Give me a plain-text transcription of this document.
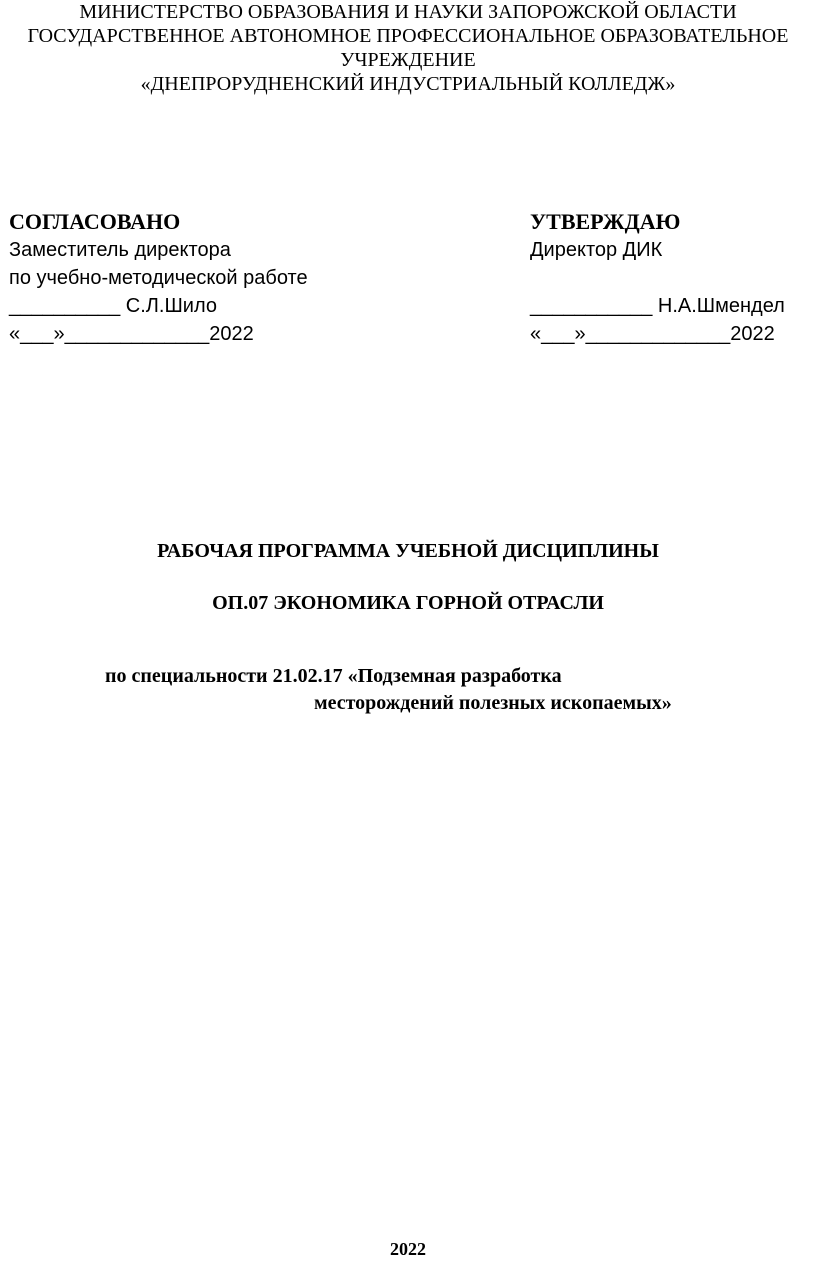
МИНИСТЕРСТВО ОБРАЗОВАНИЯ И НАУКИ ЗАПОРОЖСКОЙ ОБЛАСТИ
ГОСУДАРСТВЕННОЕ АВТОНОМНОЕ ПРОФЕССИОНАЛЬНОЕ ОБРАЗОВАТЕЛЬНОЕ
УЧРЕЖДЕНИЕ
«ДНЕПРОРУДНЕНСКИЙ ИНДУСТРИАЛЬНЫЙ КОЛЛЕДЖ»
СОГЛАСОВАНО
Заместитель директора
по учебно-методической работе
__________ С.Л.Шило
«___»_____________2022
УТВЕРЖДАЮ
Директор ДИК
___________ Н.А.Шмендел
«___»_____________2022
РАБОЧАЯ ПРОГРАММА УЧЕБНОЙ ДИСЦИПЛИНЫ
ОП.07 ЭКОНОМИКА ГОРНОЙ ОТРАСЛИ
по специальности 21.02.17 «Подземная разработка
месторождений полезных ископаемых»
2022
